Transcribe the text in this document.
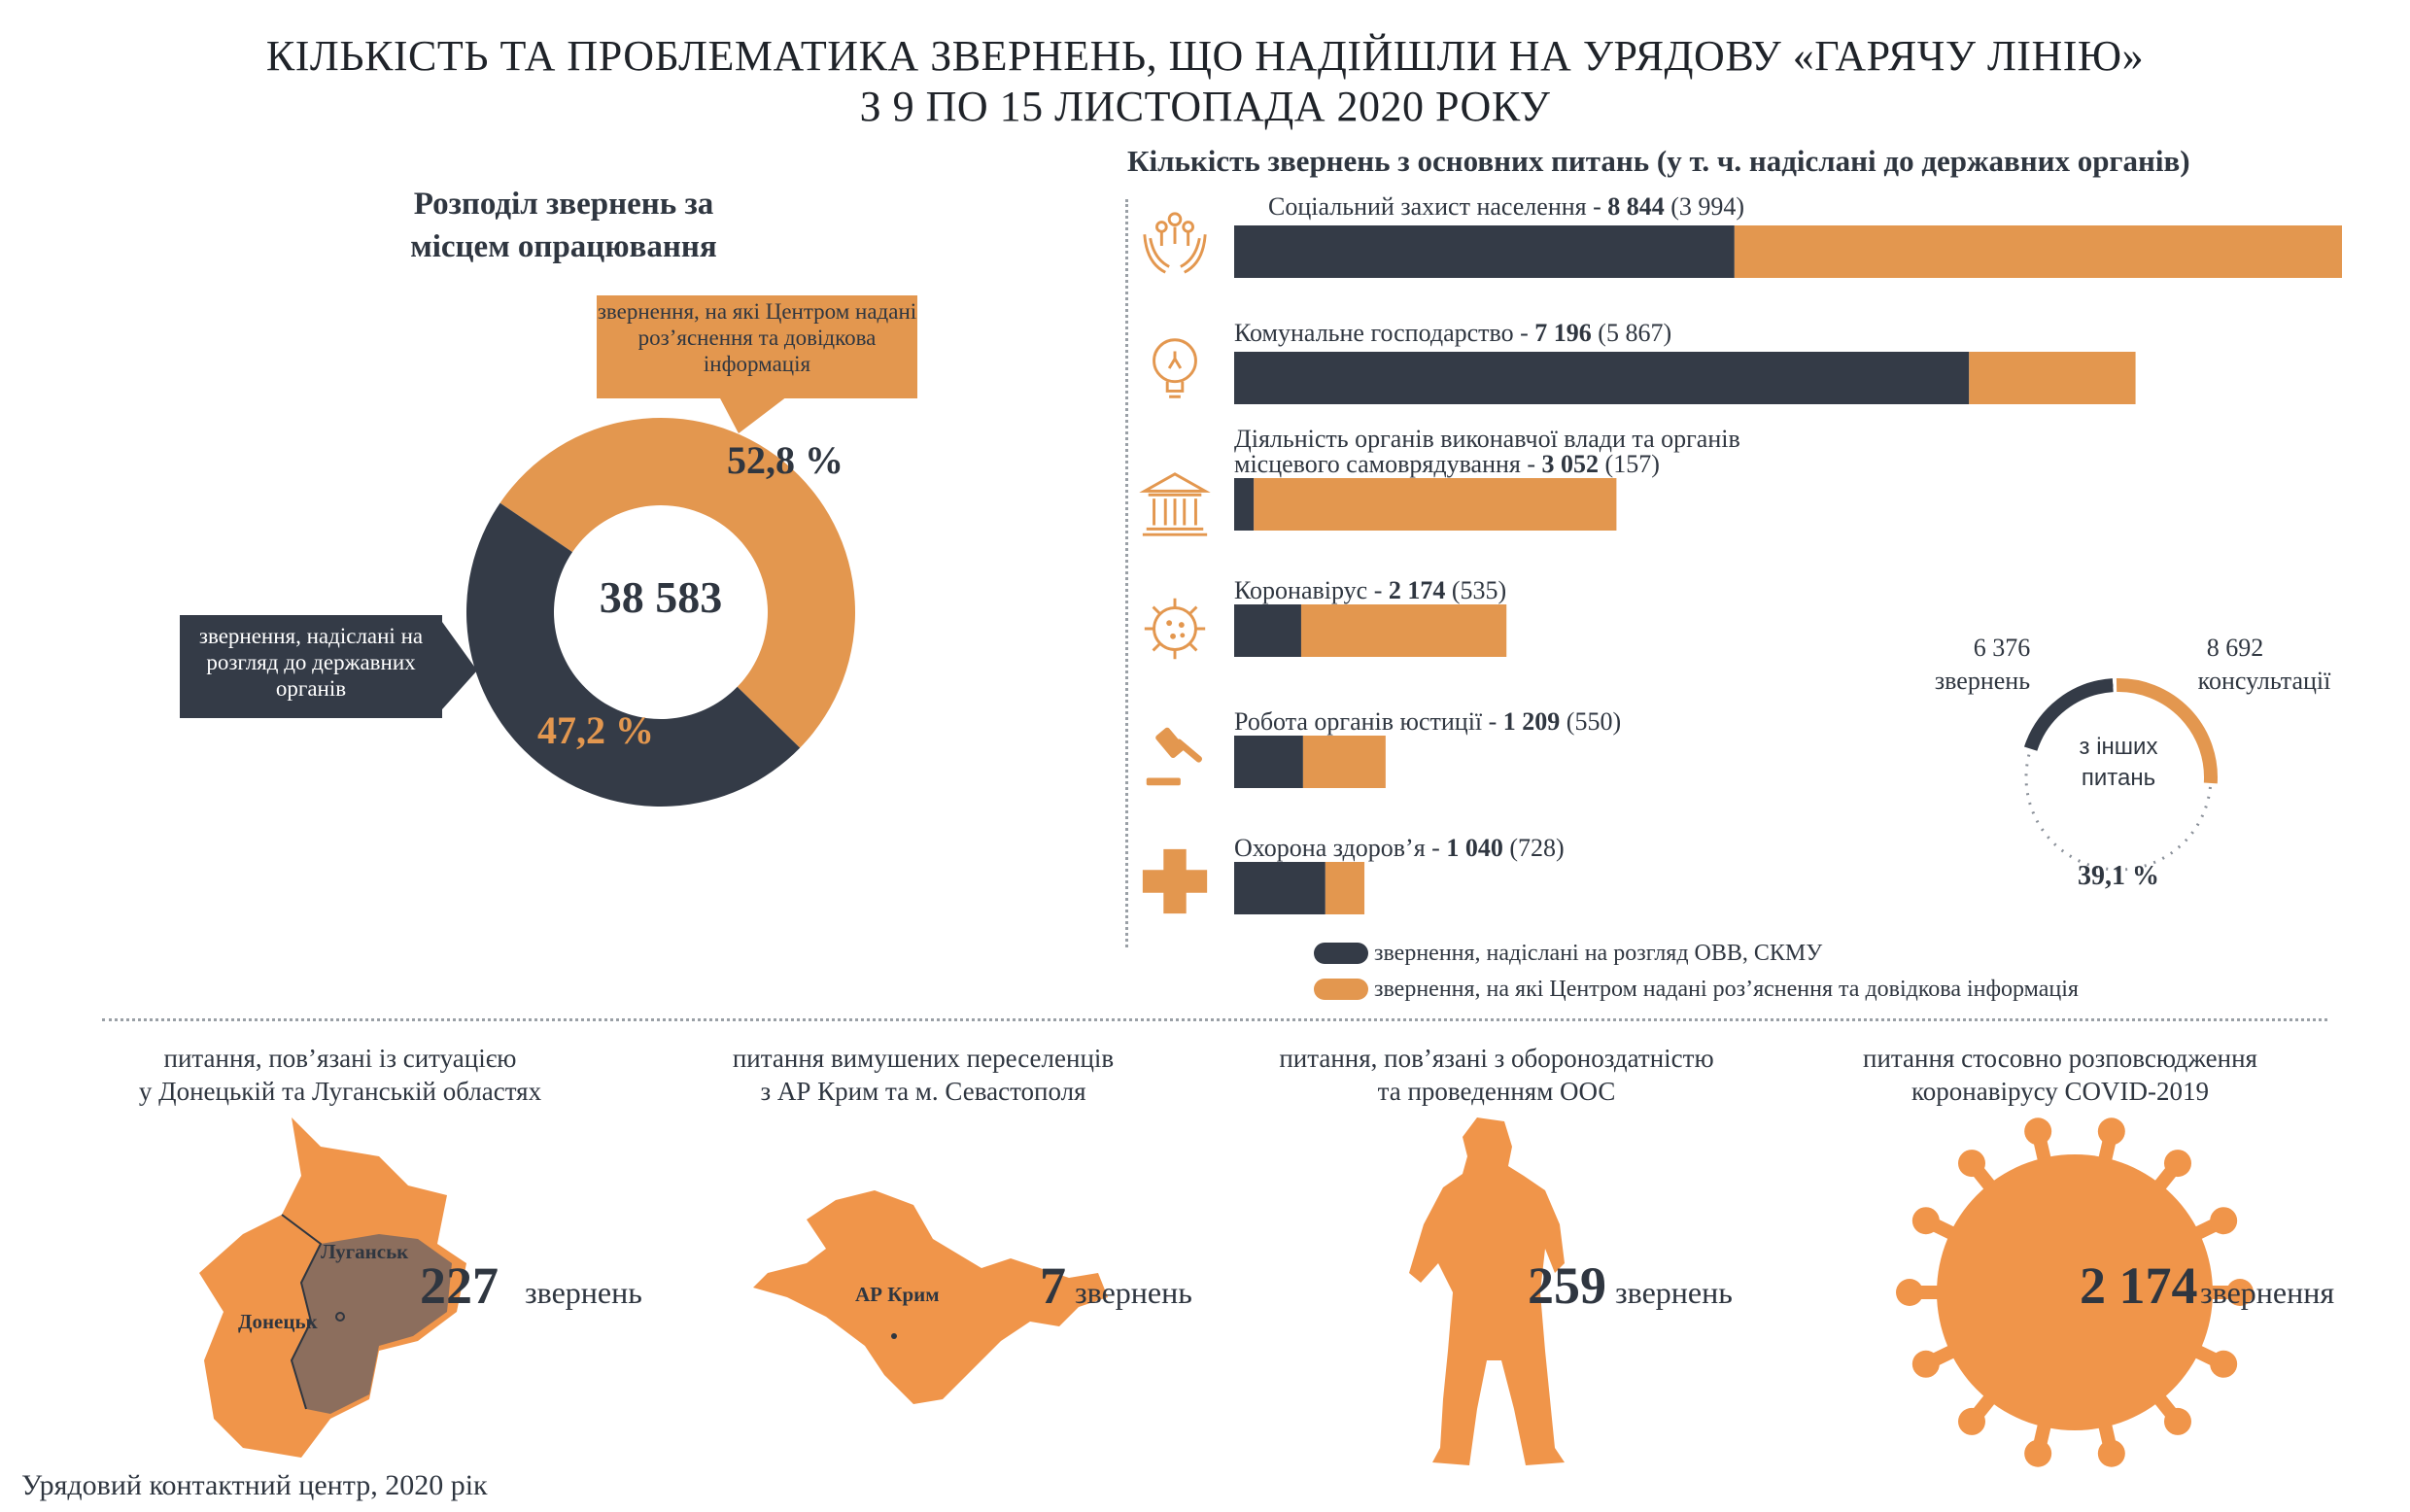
КІЛЬКІСТЬ ТА ПРОБЛЕМАТИКА ЗВЕРНЕНЬ, ЩО НАДІЙШЛИ НА УРЯДОВУ «ГАРЯЧУ ЛІНІЮ»
З 9 ПО 15 ЛИСТОПАДА 2020 РОКУ
Розподіл звернень за
місцем опрацювання
38 583
52,8 %
47,2 %
звернення, на які Центром надані роз’яснення та довідкова інформація
звернення, надіслані на розгляд до державних органів
Кількість звернень з основних питань (у т. ч. надіслані до державних органів)
Соціальний захист населення - 8 844 (3 994)
Комунальне господарство - 7 196 (5 867)
Діяльність органів виконавчої влади та органів
місцевого самоврядування - 3 052 (157)
Коронавірус - 2 174 (535)
Робота органів юстиції - 1 209 (550)
Охорона здоров’я - 1 040 (728)
звернення, надіслані на розгляд ОВВ, СКМУ
звернення, на які Центром надані роз’яснення та довідкова інформація
6 376
звернень
8 692
консультації
з інших
питань
39,1 %
питання, пов’язані із ситуацією
у Донецькій та Луганській областях
питання вимушених переселенців
з АР Крим та м. Севастополя
питання, пов’язані з обороноздатністю
та проведенням ООС
питання стосовно розповсюдження
коронавірусу COVID-2019
Луганськ
Донецьк
227 звернень	АР Крим 7 звернень	259 звернень	2 174 звернення
Урядовий контактний центр, 2020 рік
